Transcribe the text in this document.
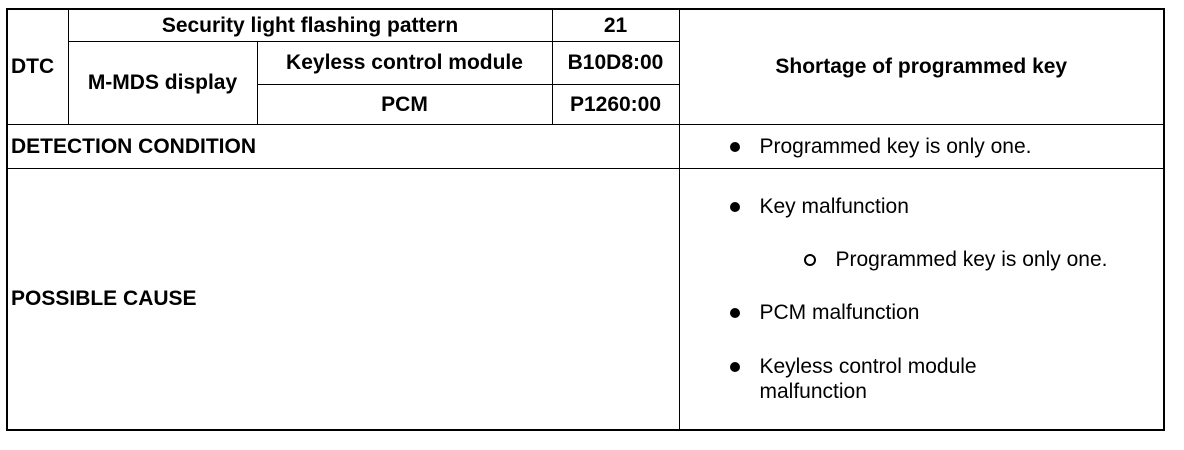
DTC	Security light flashing pattern		21	Shortage of programmed key
	M-MDS display	Keyless control module	B10D8:00	
		PCM	P1260:00	
DETECTION CONDITION				Programmed key is only one.

POSSIBLE CAUSE				Key malfunction
Programmed key is only one.
PCM malfunction
Keyless control module malfunction
